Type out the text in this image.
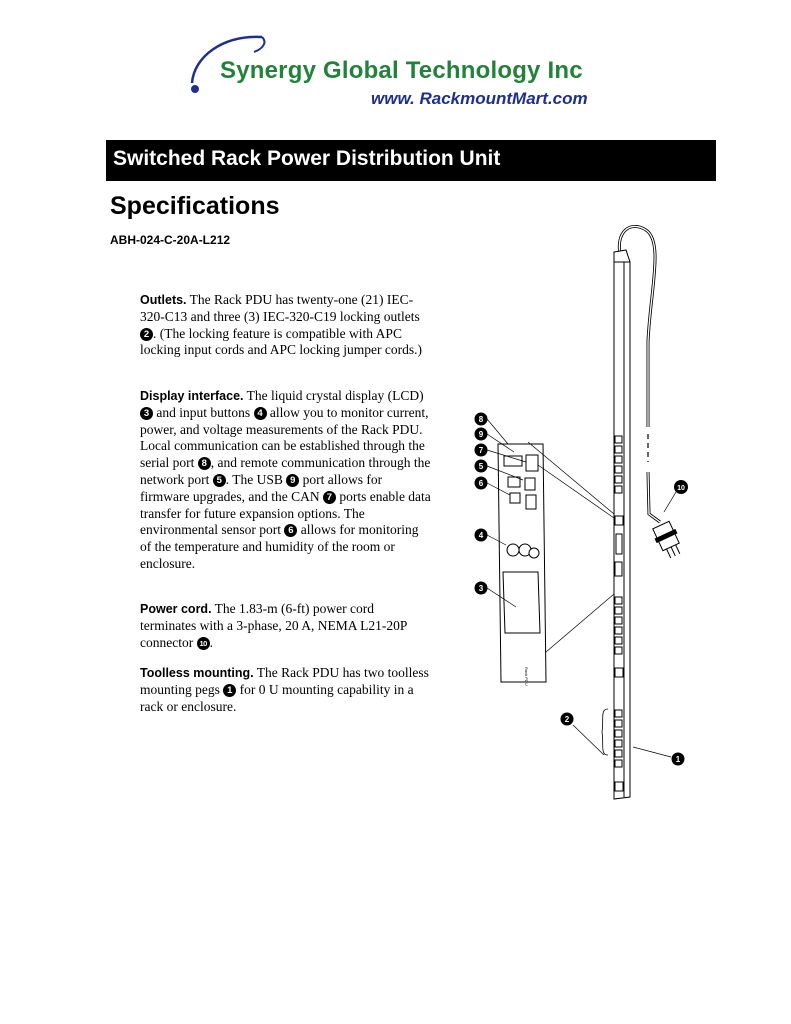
Synergy Global Technology Inc
www. RackmountMart.com
Switched Rack Power Distribution Unit
Specifications
ABH-024-C-20A-L212
Outlets. The Rack PDU has twenty-one (21) IEC-320-C13 and three (3) IEC-320-C19 locking outlets 2 . (The locking feature is compatible with APC locking input cords and APC locking jumper cords.)
Display interface. The liquid crystal display (LCD) 3 and input buttons 4 allow you to monitor current, power, and voltage measurements of the Rack PDU. Local communication can be established through the serial port 8 , and remote communication through the network port 5 . The USB 9 port allows for firmware upgrades, and the CAN 7 ports enable data transfer for future expansion options. The environmental sensor port 6 allows for monitoring of the temperature and humidity of the room or enclosure.
Power cord. The 1.83-m (6-ft) power cord terminates with a 3-phase, 20 A, NEMA L21-20P connector 10 .
Toolless mounting. The Rack PDU has two toolless mounting pegs 1 for 0 U mounting capability in a rack or enclosure.
Rack PDU
8
9
7
5
6
4
3
10
2
1
